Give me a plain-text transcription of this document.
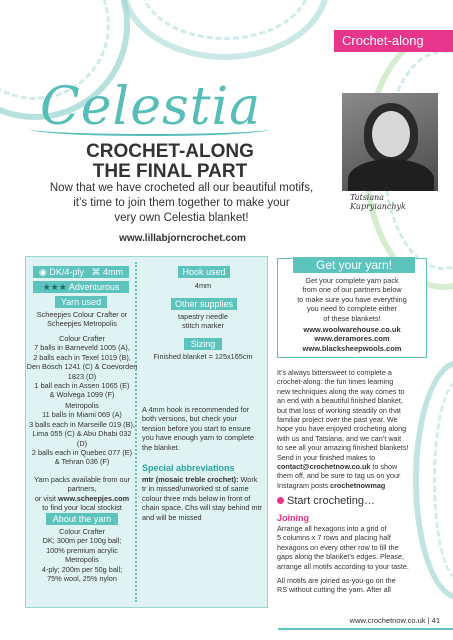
Crochet-along
Celestia
CROCHET-ALONG
THE FINAL PART
Tatsiana Kupryianchyk
Now that we have crocheted all our beautiful motifs,
it’s time to join them together to make your
very own Celestia blanket!
www.lillabjorncrochet.com
◉ DK/4-ply ⌘ 4mm
★★★ Adventurous
Yarn used
Scheepjes Colour Crafter or
Scheepjes Metropolis
Colour Crafter
7 balls in Barneveld 1005 (A),
2 balls each in Texel 1019 (B),
Den Bosch 1241 (C) & Coevorden 1823 (D)
1 ball each in Assen 1065 (E)
& Wolvega 1099 (F)
Metropolis
11 balls in Miami 069 (A)
3 balls each in Marseille 019 (B),
Lima 055 (C) & Abu Dhabi 032 (D)
2 balls each in Quebec 077 (E)
& Tehran 036 (F)
Yarn packs available from our partners,
or visit www.scheepjes.com
to find your local stockist
About the yarn
Colour Crafter
DK; 300m per 100g ball;
100% premium acrylic
Metropolis
4-ply; 200m per 50g ball;
75% wool, 25% nylon
Hook used
4mm
Other supplies
tapestry needle
stitch marker
Sizing
Finished blanket = 125x165cm
A 4mm hook is recommended for
both versions, but check your
tension before you start to ensure
you have enough yarn to complete
the blanket.
Special abbreviations
mtr (mosaic treble crochet): Work
tr in missed/unworked st of same
colour three rnds below in front of
chain space. Chs will stay behind mtr
and will be missed
Get your yarn!
Get your complete yarn pack
from one of our partners below
to make sure you have everything
you need to complete either
of these blankets!
www.woolwarehouse.co.uk
www.deramores.com
www.blacksheepwools.com
It’s always bittersweet to complete a
crochet-along: the fun times learning
new techniques along the way comes to
an end with a beautiful finished blanket,
but that loss of working steadily on that
familiar project over the past year. We
hope you have enjoyed crocheting along
with us and Tatsiana, and we can’t wait
to see all your amazing finished blankets!
Send in your finished makes to
contact@crochetnow.co.uk to show
them off, and be sure to tag us on your
Instagram posts crochetnowmag
Start crocheting…
Joining
Arrange all hexagons into a grid of
5 columns x 7 rows and placing half
hexagons on every other row to fill the
gaps along the blanket’s edges. Please,
arrange all motifs according to your taste.
All motifs are joined as-you-go on the
RS without cutting the yarn. After all
www.crochetnow.co.uk | 41
